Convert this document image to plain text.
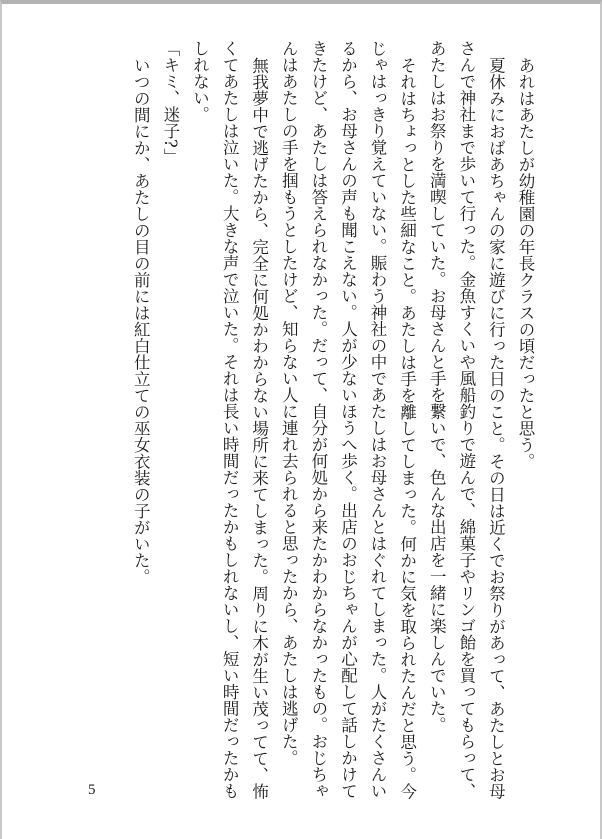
あれはあたしが幼稚園の年長クラスの頃だったと思う。

夏休みにおばあちゃんの家に遊びに行った日のこと。その日は近くでお祭りがあって、あたしとお母さんで神社まで歩いて行った。金魚すくいや風船釣りで遊んで、綿菓子やリンゴ飴を買ってもらって、あたしはお祭りを満喫していた。お母さんと手を繋いで、色んな出店を一緒に楽しんでいた。

それはちょっとした些細なこと。あたしは手を離してしまった。何かに気を取られたんだと思う。今じゃはっきり覚えていない。賑わう神社の中であたしはお母さんとはぐれてしまった。人がたくさんいるから、お母さんの声も聞こえない。人が少ないほうへ歩く。出店のおじちゃんが心配して話しかけてきたけど、あたしは答えられなかった。だって、自分が何処から来たかわからなかったもの。おじちゃんはあたしの手を掴もうとしたけど、知らない人に連れ去られると思ったから、あたしは逃げた。

無我夢中で逃げたから、完全に何処かわからない場所に来てしまった。周りに木が生い茂ってて、怖くてあたしは泣いた。大きな声で泣いた。それは長い時間だったかもしれないし、短い時間だったかもしれない。

「キミ、迷子?」

いつの間にか、あたしの目の前には紅白仕立ての巫女衣装の子がいた。

5
